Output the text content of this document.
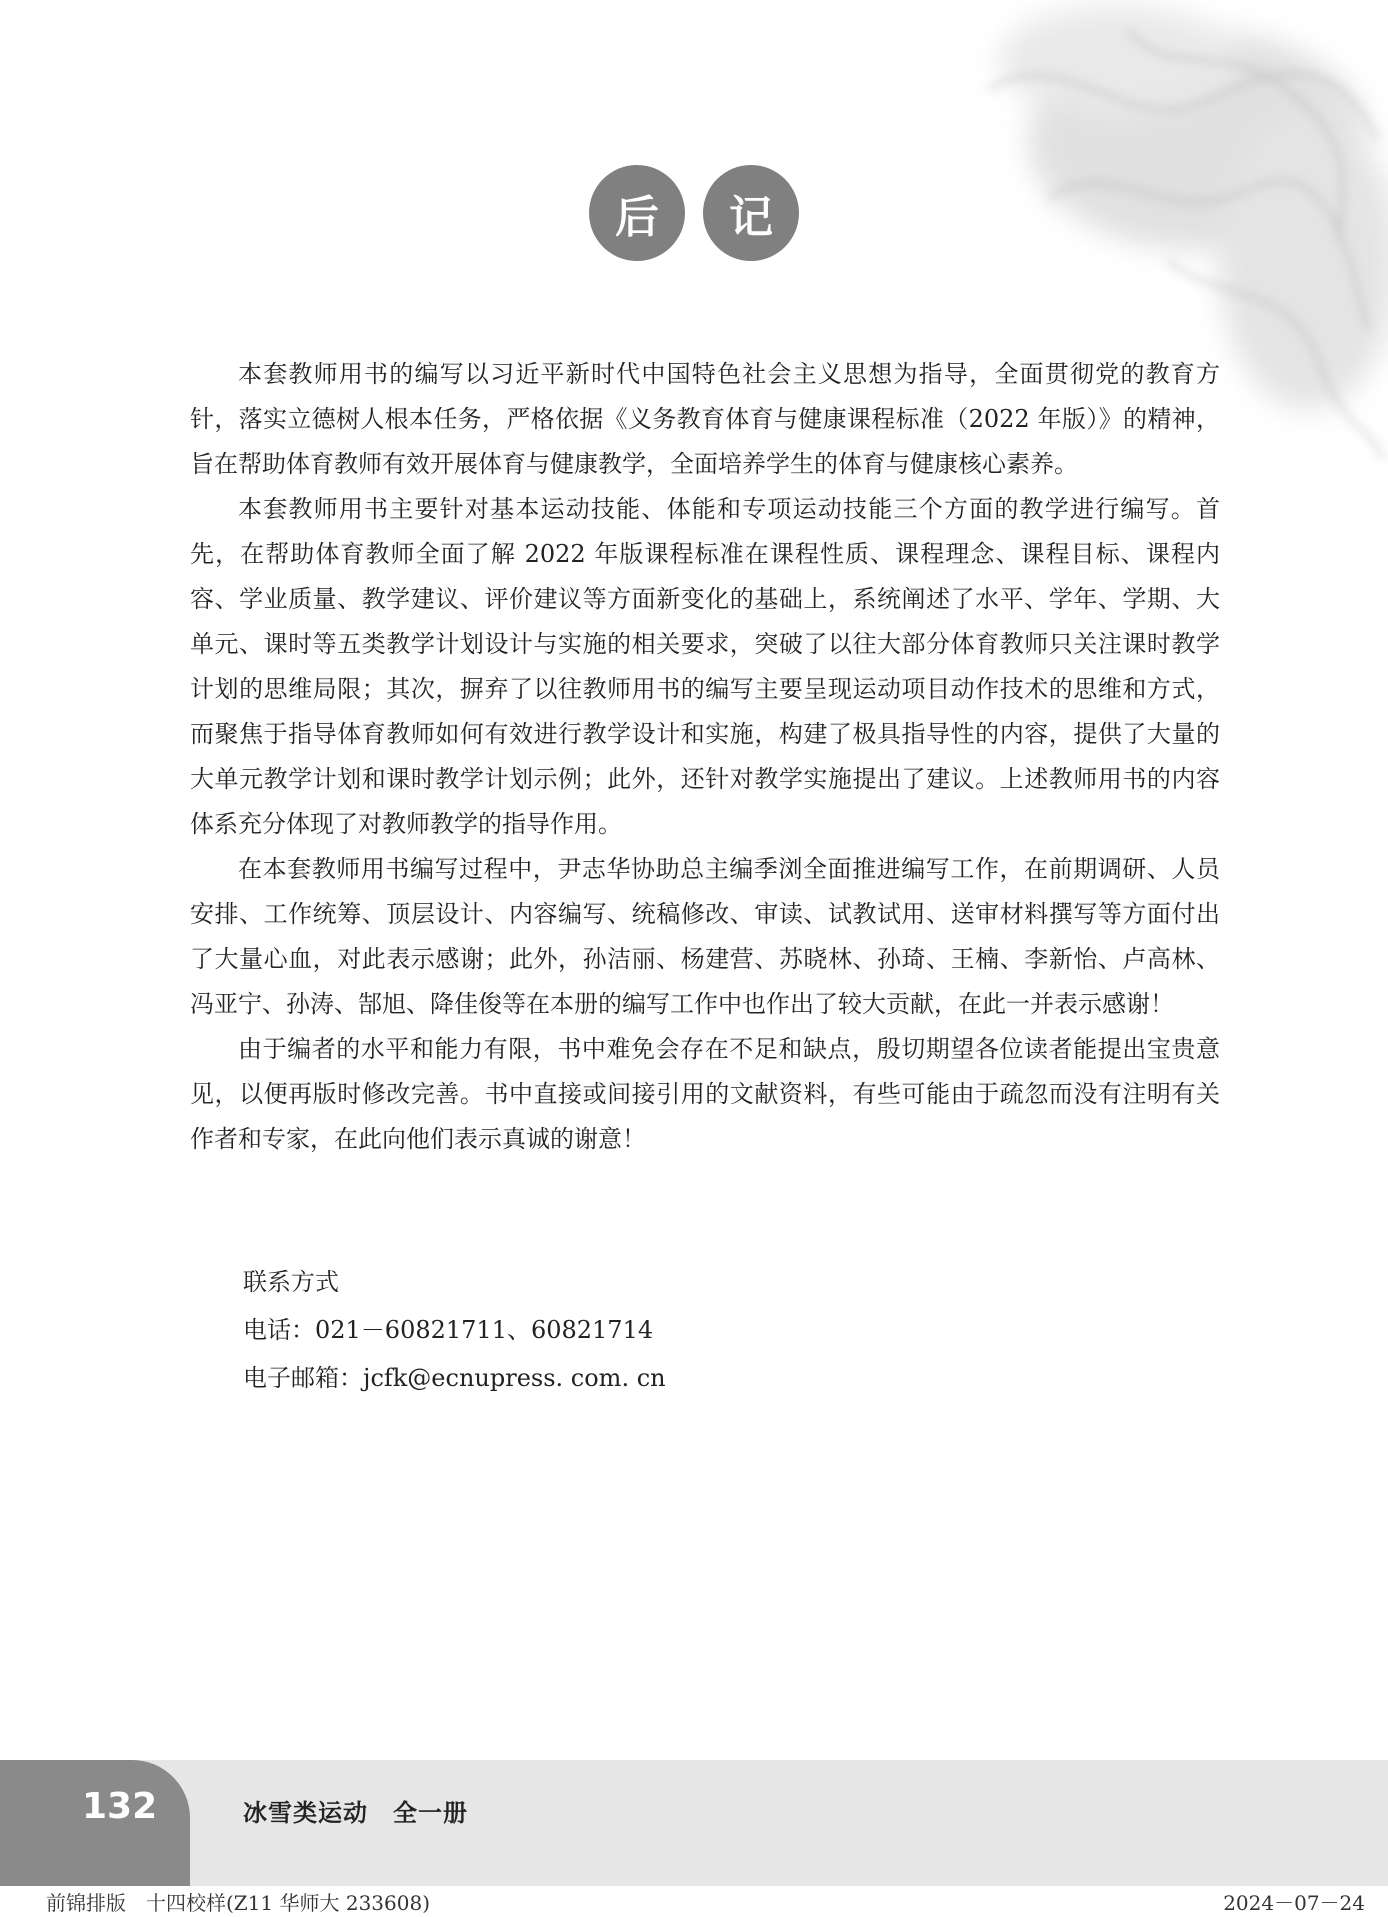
后	记

本套教师用书的编写以习近平新时代中国特色社会主义思想为指导，全面贯彻党的教育方针，落实立德树人根本任务，严格依据《义务教育体育与健康课程标准（2022 年版）》的精神，旨在帮助体育教师有效开展体育与健康教学，全面培养学生的体育与健康核心素养。

本套教师用书主要针对基本运动技能、体能和专项运动技能三个方面的教学进行编写。首先，在帮助体育教师全面了解 2022 年版课程标准在课程性质、课程理念、课程目标、课程内容、学业质量、教学建议、评价建议等方面新变化的基础上，系统阐述了水平、学年、学期、大单元、课时等五类教学计划设计与实施的相关要求，突破了以往大部分体育教师只关注课时教学计划的思维局限；其次，摒弃了以往教师用书的编写主要呈现运动项目动作技术的思维和方式，而聚焦于指导体育教师如何有效进行教学设计和实施，构建了极具指导性的内容，提供了大量的大单元教学计划和课时教学计划示例；此外，还针对教学实施提出了建议。上述教师用书的内容体系充分体现了对教师教学的指导作用。

在本套教师用书编写过程中，尹志华协助总主编季浏全面推进编写工作，在前期调研、人员安排、工作统筹、顶层设计、内容编写、统稿修改、审读、试教试用、送审材料撰写等方面付出了大量心血，对此表示感谢；此外，孙洁丽、杨建营、苏晓林、孙琦、王楠、李新怡、卢高林、冯亚宁、孙涛、郜旭、降佳俊等在本册的编写工作中也作出了较大贡献，在此一并表示感谢！

由于编者的水平和能力有限，书中难免会存在不足和缺点，殷切期望各位读者能提出宝贵意见，以便再版时修改完善。书中直接或间接引用的文献资料，有些可能由于疏忽而没有注明有关作者和专家，在此向他们表示真诚的谢意！

联系方式
电话：021－60821711、60821714
电子邮箱：jcfk@ecnupress. com. cn
132	冰雪类运动　全一册
前锦排版　十四校样(Z11 华师大 233608)	2024－07－24
